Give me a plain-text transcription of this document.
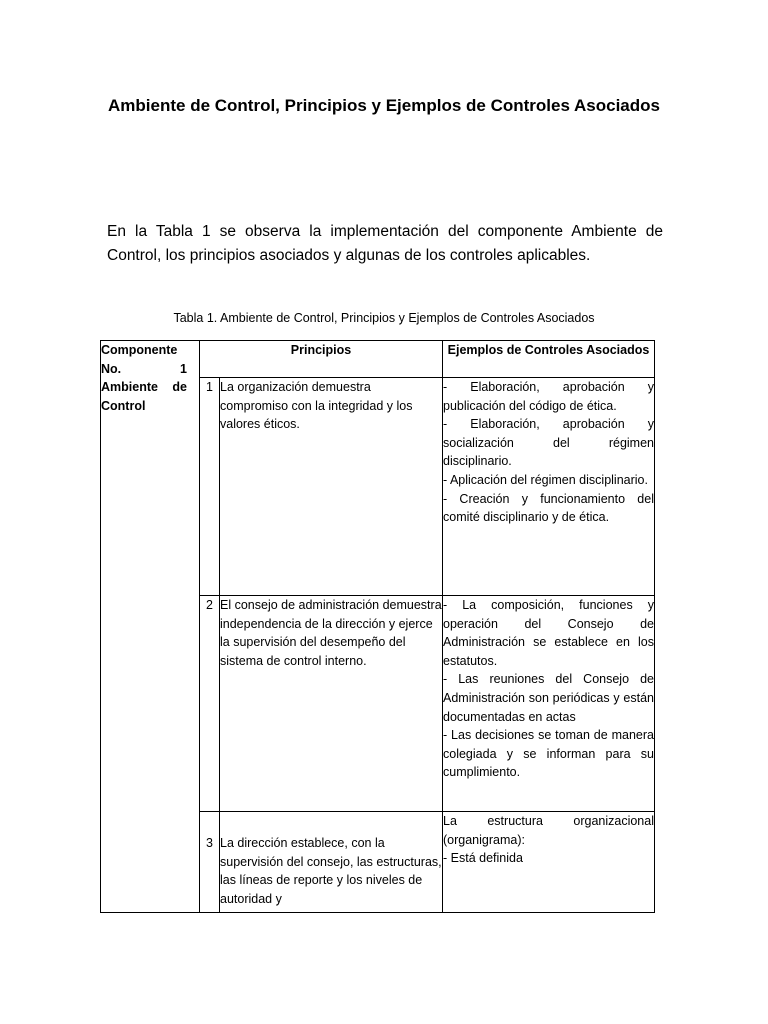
Ambiente de Control, Principios y Ejemplos de Controles Asociados
En la Tabla 1 se observa la implementación del componente Ambiente de Control, los principios asociados y algunas de los controles aplicables.
Tabla 1. Ambiente de Control, Principios y Ejemplos de Controles Asociados
Componente No. 1 Ambiente de Control	Principios		Ejemplos de Controles Asociados
	1	La organización demuestra compromiso con la integridad y los valores éticos.	- Elaboración, aprobación y publicación del código de ética.
- Elaboración, aprobación y socialización del régimen disciplinario.
- Aplicación del régimen disciplinario.
- Creación y funcionamiento del comité disciplinario y de ética.

	2	El consejo de administración demuestra independencia de la dirección y ejerce la supervisión del desempeño del sistema de control interno.	- La composición, funciones y operación del Consejo de Administración se establece en los estatutos.
- Las reuniones del Consejo de Administración son periódicas y están documentadas en actas
- Las decisiones se toman de manera colegiada y se informan para su cumplimiento.

	3	La dirección establece, con la supervisión del consejo, las estructuras, las líneas de reporte y los niveles de autoridad y	La estructura organizacional (organigrama):
- Está definida
